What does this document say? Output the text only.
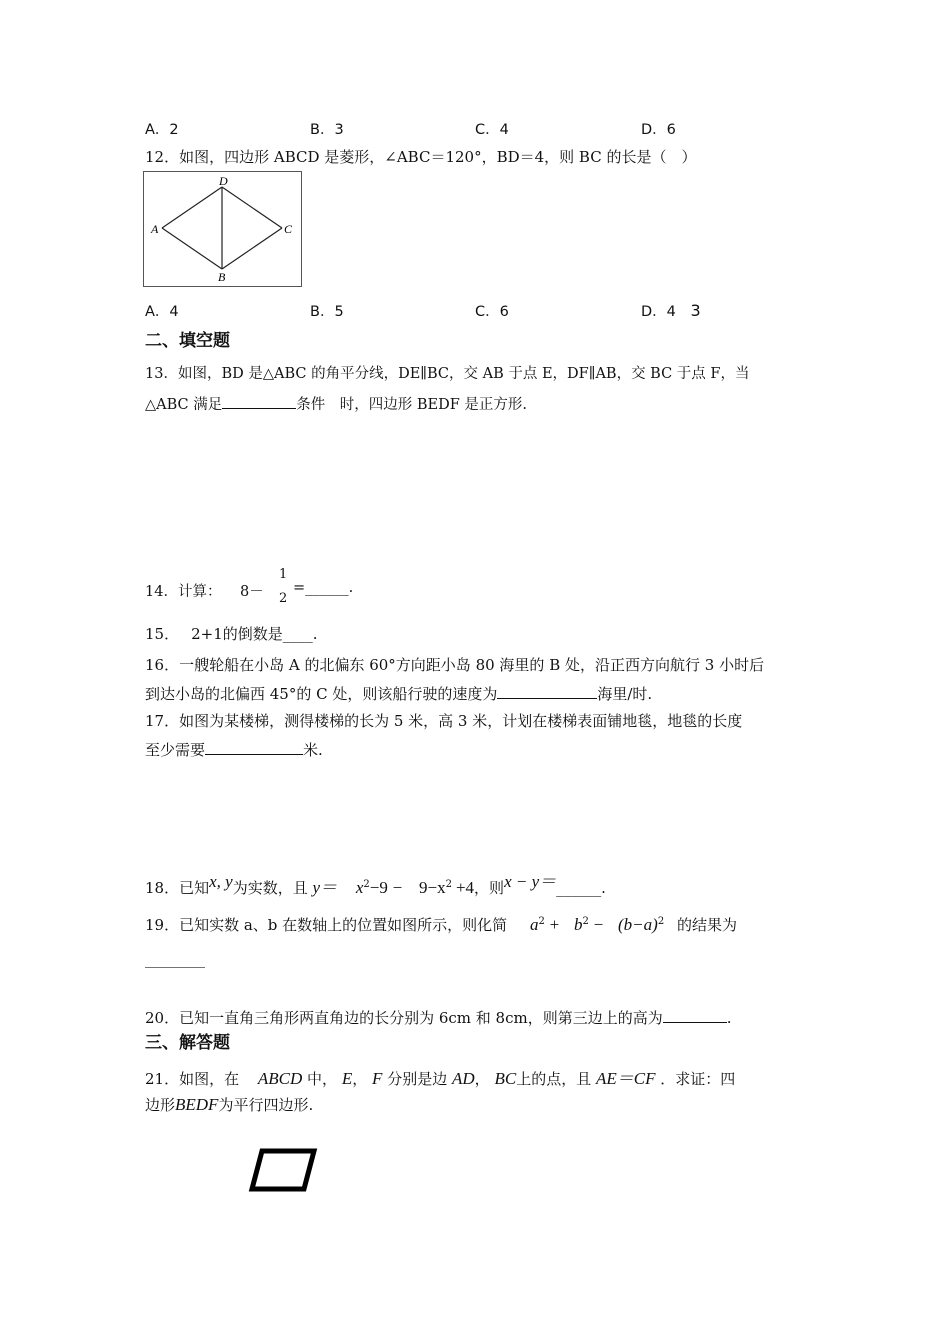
A．2	B．3	C．4	D．6
12．如图，四边形 ABCD 是菱形，∠ABC＝120°，BD＝4，则 BC 的长是（　）
A
D
C
B
A．4	B．5	C．6	D．4 3
二、填空题
13．如图，BD 是△ABC 的角平分线，DE∥BC，交 AB 于点 E，DF∥AB，交 BC 于点 F，当
△ABC 满足	条件　时，四边形 BEDF 是正方形.
14．计算： 8－
1
2
=______.
15． 2+1的倒数是____.
16．一艘轮船在小岛 A 的北偏东 60°方向距小岛 80 海里的 B 处，沿正西方向航行 3 小时后
到达小岛的北偏西 45°的 C 处，则该船行驶的速度为	海里/时.
17．如图为某楼梯，测得楼梯的长为 5 米，高 3 米，计划在楼梯表面铺地毯，地毯的长度
至少需要	米.
18．已知x, y为实数，且 $y= x^2-9 - 9-x^2 +4$，则x − y＝______.
19．已知实数 a、b 在数轴上的位置如图所示，则化简 $a^2 + b^2 - (b-a)^2$ 的结果为
________
20．已知一直角三角形两直角边的长分别为 6cm 和 8cm，则第三边上的高为	.
三、解答题
21．如图，在 ABCD 中， E， F 分别是边 AD， BC上的点，且 AE＝CF ．求证：四
边形BEDF为平行四边形.
